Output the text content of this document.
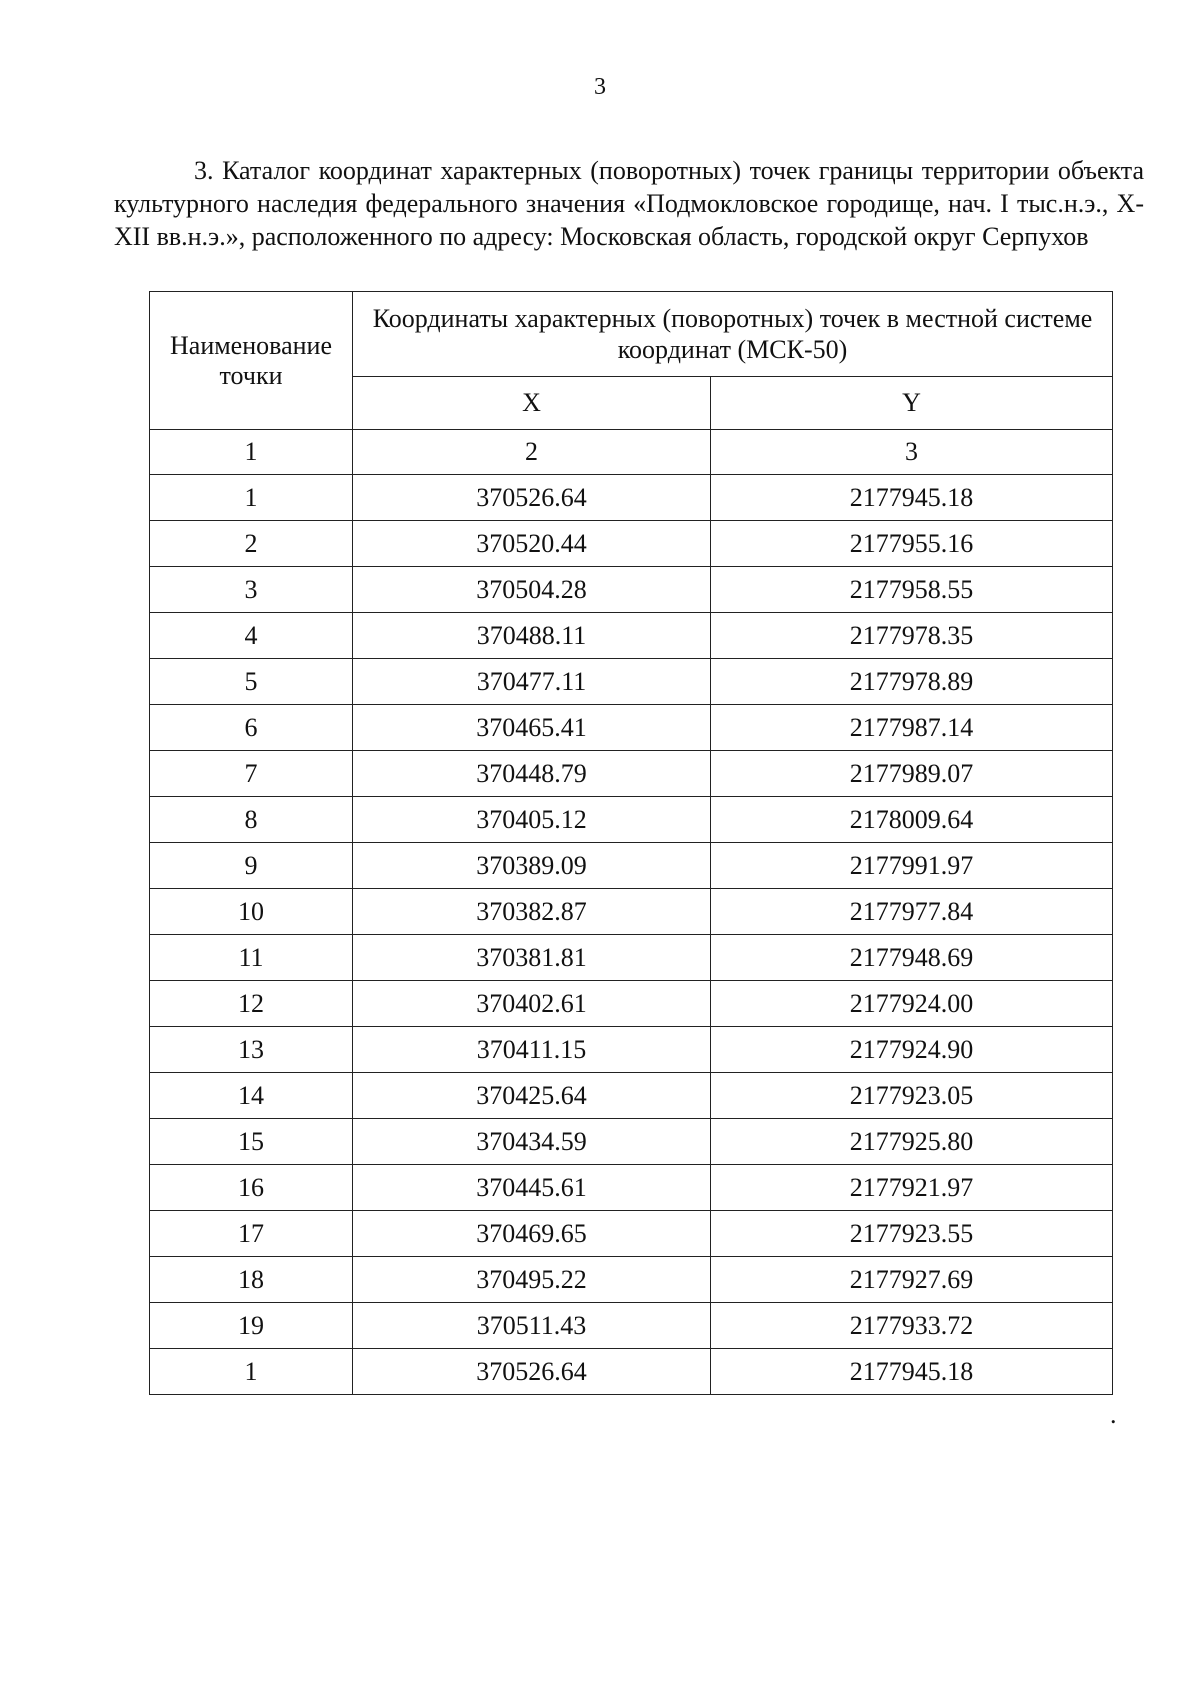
3

3. Каталог координат характерных (поворотных) точек границы территории объекта культурного наследия федерального значения «Подмокловское городище, нач. I тыс.н.э., X-XII вв.н.э.», расположенного по адресу: Московская область, городской округ Серпухов

Наименование точки	Координаты характерных (поворотных) точек в местной системе координат (МСК-50)	
	X	Y
1	2	3
1	370526.64	2177945.18
2	370520.44	2177955.16
3	370504.28	2177958.55
4	370488.11	2177978.35
5	370477.11	2177978.89
6	370465.41	2177987.14
7	370448.79	2177989.07
8	370405.12	2178009.64
9	370389.09	2177991.97
10	370382.87	2177977.84
11	370381.81	2177948.69
12	370402.61	2177924.00
13	370411.15	2177924.90
14	370425.64	2177923.05
15	370434.59	2177925.80
16	370445.61	2177921.97
17	370469.65	2177923.55
18	370495.22	2177927.69
19	370511.43	2177933.72
1	370526.64	2177945.18
.
